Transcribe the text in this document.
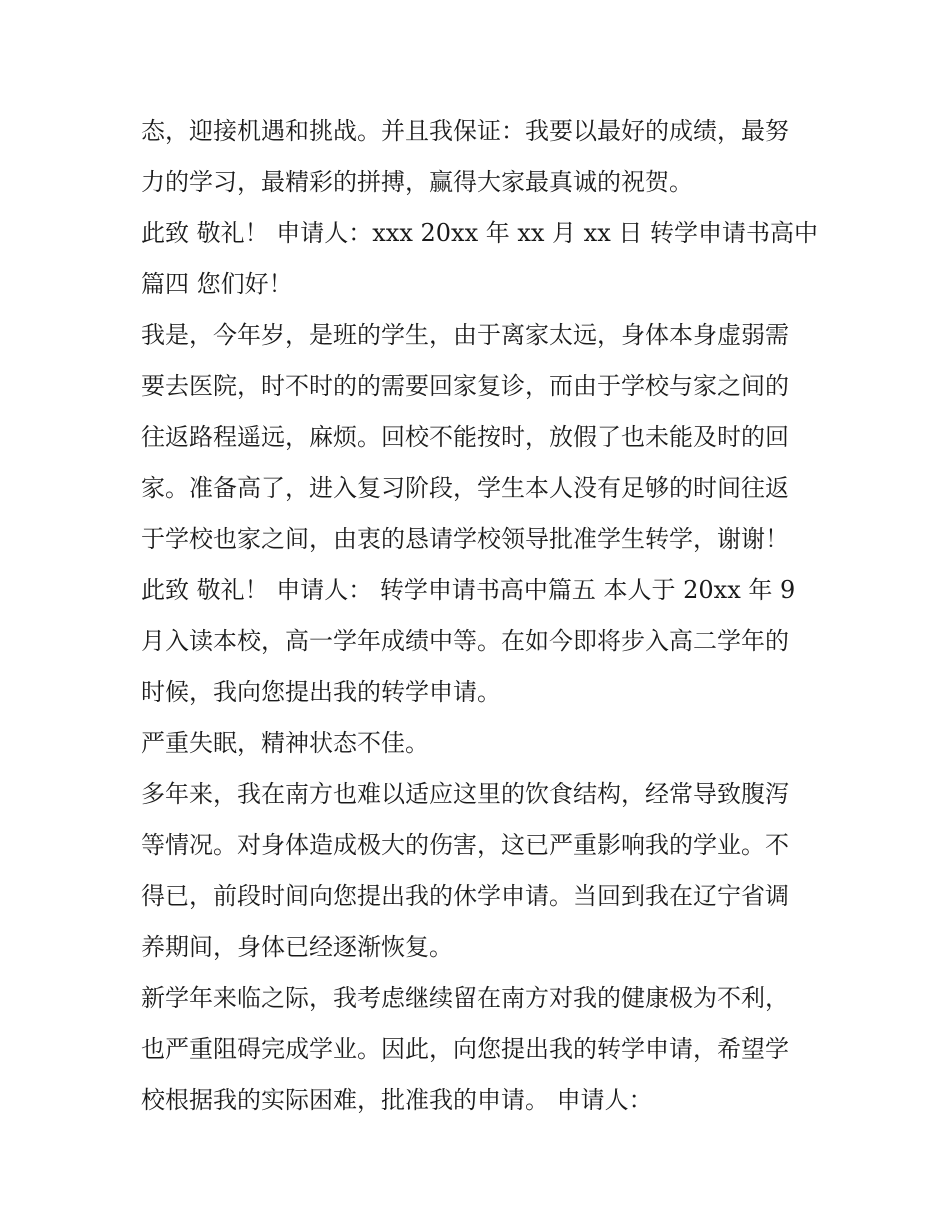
态，迎接机遇和挑战。并且我保证：我要以最好的成绩，最努
力的学习，最精彩的拼搏，赢得大家最真诚的祝贺。
此致 敬礼！ 申请人：xxx 20xx 年 xx 月 xx 日 转学申请书高中
篇四 您们好！
我是，今年岁，是班的学生，由于离家太远，身体本身虚弱需
要去医院，时不时的的需要回家复诊，而由于学校与家之间的
往返路程遥远，麻烦。回校不能按时，放假了也未能及时的回
家。准备高了，进入复习阶段，学生本人没有足够的时间往返
于学校也家之间，由衷的恳请学校领导批准学生转学，谢谢！
此致 敬礼！ 申请人： 转学申请书高中篇五 本人于 20xx 年 9
月入读本校，高一学年成绩中等。在如今即将步入高二学年的
时候，我向您提出我的转学申请。
严重失眠，精神状态不佳。
多年来，我在南方也难以适应这里的饮食结构，经常导致腹泻
等情况。对身体造成极大的伤害，这已严重影响我的学业。不
得已，前段时间向您提出我的休学申请。当回到我在辽宁省调
养期间，身体已经逐渐恢复。
新学年来临之际，我考虑继续留在南方对我的健康极为不利，
也严重阻碍完成学业。因此，向您提出我的转学申请，希望学
校根据我的实际困难，批准我的申请。 申请人：
